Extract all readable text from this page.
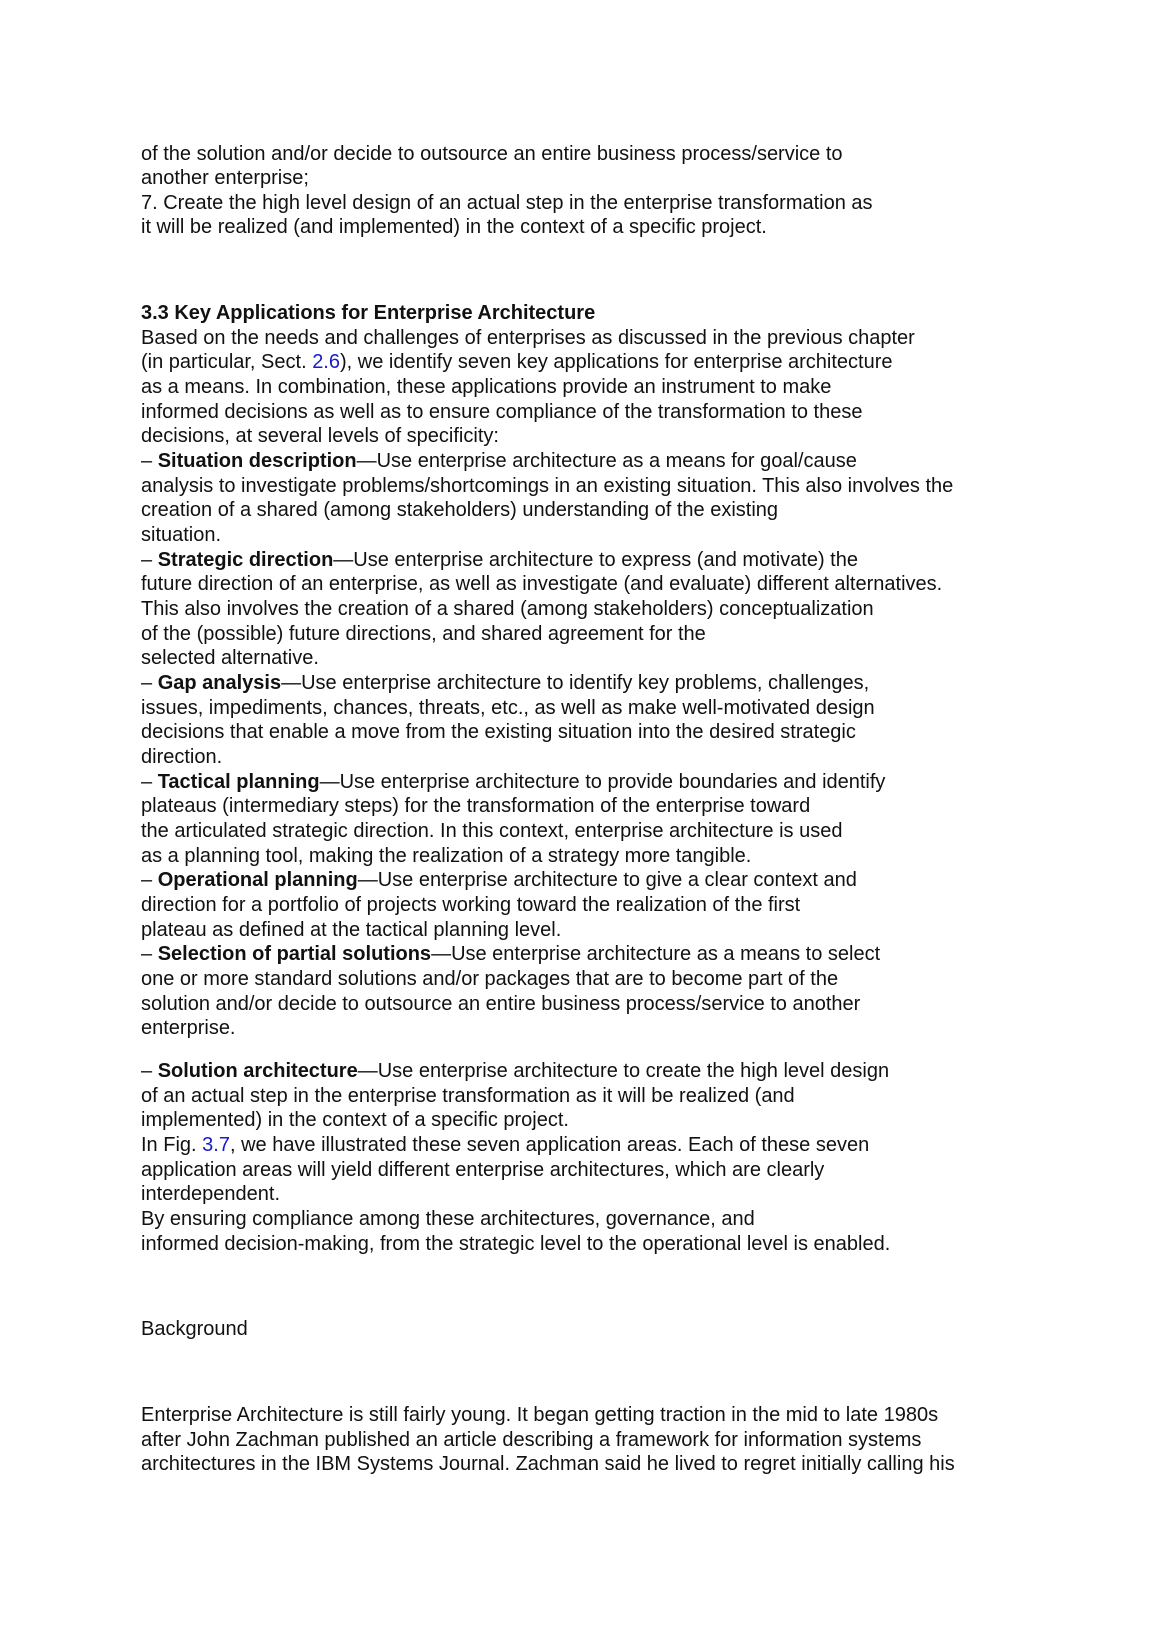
of the solution and/or decide to outsource an entire business process/service to
another enterprise;
7. Create the high level design of an actual step in the enterprise transformation as
it will be realized (and implemented) in the context of a specific project.
3.3 Key Applications for Enterprise Architecture
Based on the needs and challenges of enterprises as discussed in the previous chapter
(in particular, Sect. 2.6), we identify seven key applications for enterprise architecture
as a means. In combination, these applications provide an instrument to make
informed decisions as well as to ensure compliance of the transformation to these
decisions, at several levels of specificity:
– Situation description—Use enterprise architecture as a means for goal/cause
analysis to investigate problems/shortcomings in an existing situation. This also involves the
creation of a shared (among stakeholders) understanding of the existing
situation.
– Strategic direction—Use enterprise architecture to express (and motivate) the
future direction of an enterprise, as well as investigate (and evaluate) different alternatives.
This also involves the creation of a shared (among stakeholders) conceptualization
of the (possible) future directions, and shared agreement for the
selected alternative.
– Gap analysis—Use enterprise architecture to identify key problems, challenges,
issues, impediments, chances, threats, etc., as well as make well-motivated design
decisions that enable a move from the existing situation into the desired strategic
direction.
– Tactical planning—Use enterprise architecture to provide boundaries and identify
plateaus (intermediary steps) for the transformation of the enterprise toward
the articulated strategic direction. In this context, enterprise architecture is used
as a planning tool, making the realization of a strategy more tangible.
– Operational planning—Use enterprise architecture to give a clear context and
direction for a portfolio of projects working toward the realization of the first
plateau as defined at the tactical planning level.
– Selection of partial solutions—Use enterprise architecture as a means to select
one or more standard solutions and/or packages that are to become part of the
solution and/or decide to outsource an entire business process/service to another
enterprise.
– Solution architecture—Use enterprise architecture to create the high level design
of an actual step in the enterprise transformation as it will be realized (and
implemented) in the context of a specific project.
In Fig. 3.7, we have illustrated these seven application areas. Each of these seven
application areas will yield different enterprise architectures, which are clearly
interdependent.
By ensuring compliance among these architectures, governance, and
informed decision-making, from the strategic level to the operational level is enabled.
Background
Enterprise Architecture is still fairly young. It began getting traction in the mid to late 1980s
after John Zachman published an article describing a framework for information systems
architectures in the IBM Systems Journal. Zachman said he lived to regret initially calling his
